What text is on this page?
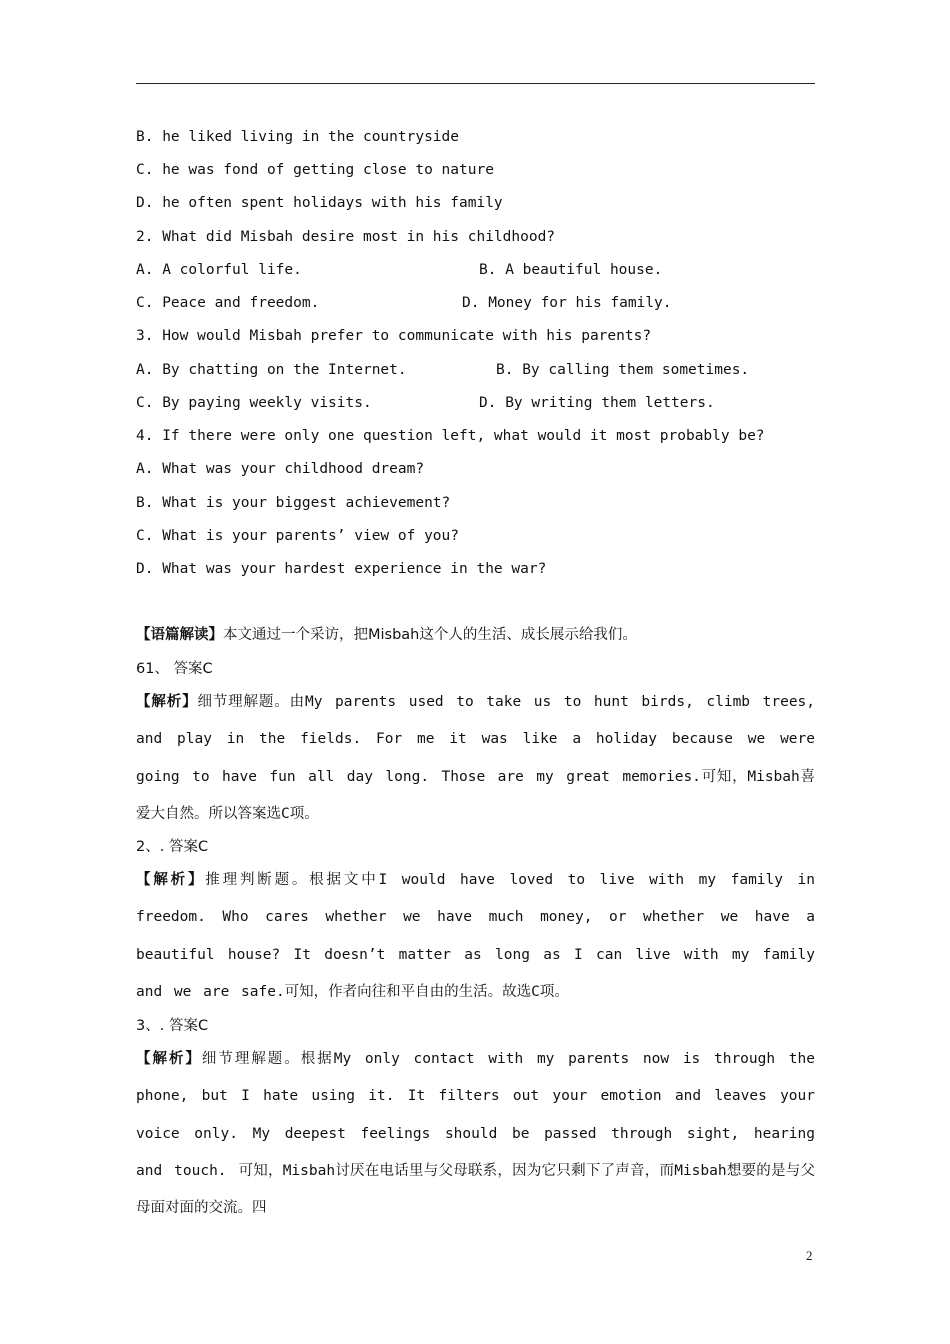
B. he liked living in the countryside
C. he was fond of getting close to nature
D. he often spent holidays with his family
2. What did Misbah desire most in his childhood?
A. A colorful life.	B. A beautiful house.
C. Peace and freedom.	D. Money for his family.
3. How would Misbah prefer to communicate with his parents?
A. By chatting on the Internet.	B. By calling them sometimes.
C. By paying weekly visits.	D. By writing them letters.
4. If there were only one question left, what would it most probably be?
A. What was your childhood dream?
B. What is your biggest achievement?
C. What is your parents’ view of you?
D. What was your hardest experience in the war?
【语篇解读】本文通过一个采访，把Misbah这个人的生活、成长展示给我们。
61、 答案C
【解析】细节理解题。由My parents used to take us to hunt birds, climb trees, and play in the fields. For me it was like a holiday because we were going to have fun all day long. Those are my great memories.可知，Misbah喜爱大自然。所以答案选C项。
2、. 答案C
【解析】推理判断题。根据文中I would have loved to live with my family in freedom. Who cares whether we have much money, or whether we have a beautiful house? It doesn’t matter as long as I can live with my family and we are safe.可知，作者向往和平自由的生活。故选C项。
3、. 答案C
【解析】细节理解题。根据My only contact with my parents now is through the phone, but I hate using it. It filters out your emotion and leaves your voice only. My deepest feelings should be passed through sight, hearing and touch. 可知，Misbah讨厌在电话里与父母联系，因为它只剩下了声音，而Misbah想要的是与父母面对面的交流。四
2
